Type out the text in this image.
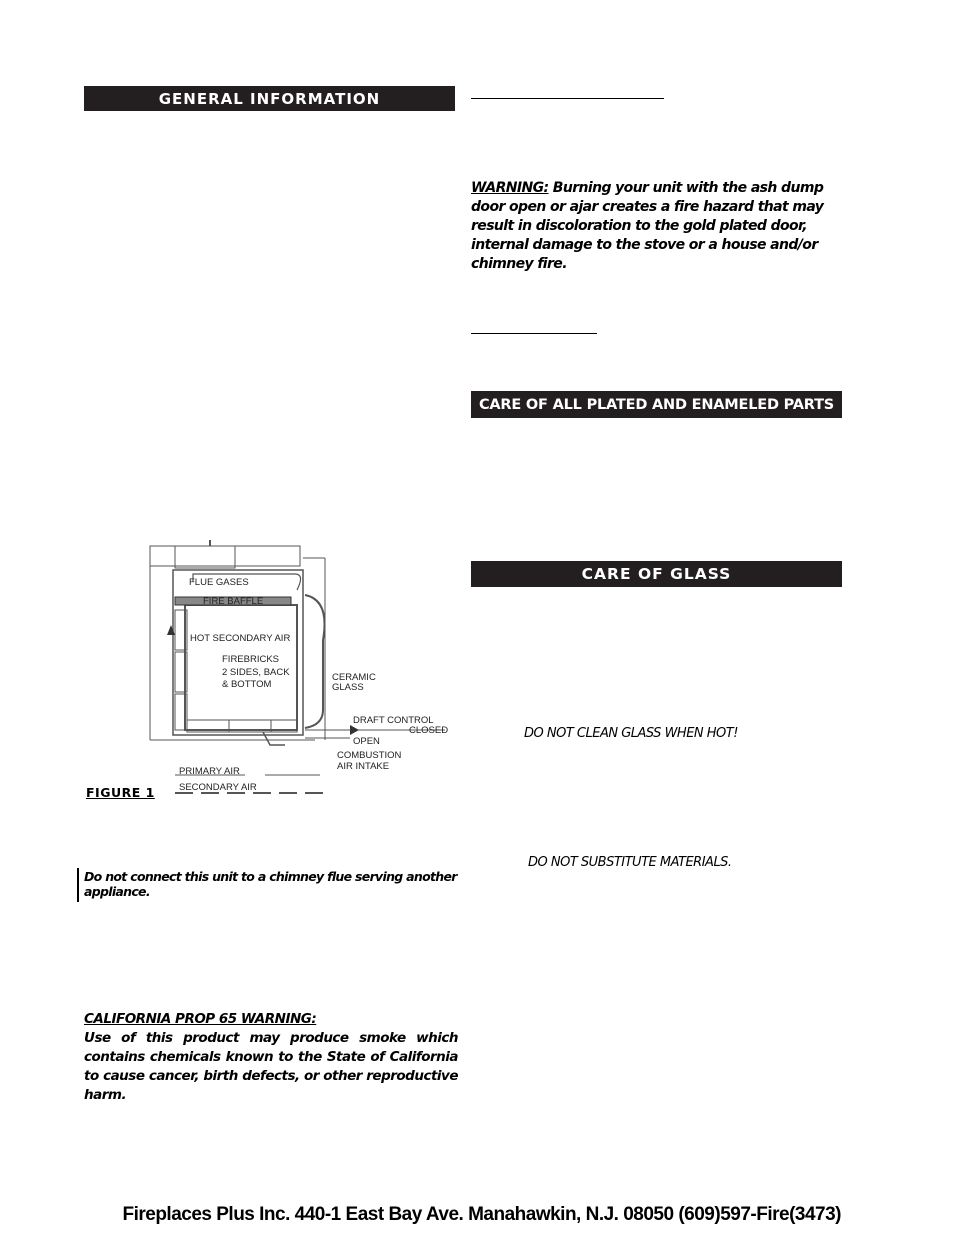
GENERAL INFORMATION
WARNING: Burning your unit with the ash dump door open or ajar creates a fire hazard that may result in discoloration to the gold plated door, internal damage to the stove or a house and/or chimney fire.
CARE OF ALL PLATED AND ENAMELED PARTS
CARE OF GLASS
DO NOT CLEAN GLASS WHEN HOT!
DO NOT SUBSTITUTE MATERIALS.
FLUE GASES
FIRE BAFFLE
HOT SECONDARY AIR
FIREBRICKS
2 SIDES, BACK
& BOTTOM
CERAMIC
GLASS
DRAFT CONTROL
CLOSED
OPEN
COMBUSTION
AIR INTAKE
PRIMARY AIR
SECONDARY AIR
FIGURE 1
Do not connect this unit to a chimney flue serving another appliance.
CALIFORNIA PROP 65 WARNING:
Use of this product may produce smoke which contains chemicals known to the State of California to cause cancer, birth defects, or other reproductive harm.
Fireplaces Plus Inc. 440-1 East Bay Ave. Manahawkin, N.J. 08050 (609)597-Fire(3473)
